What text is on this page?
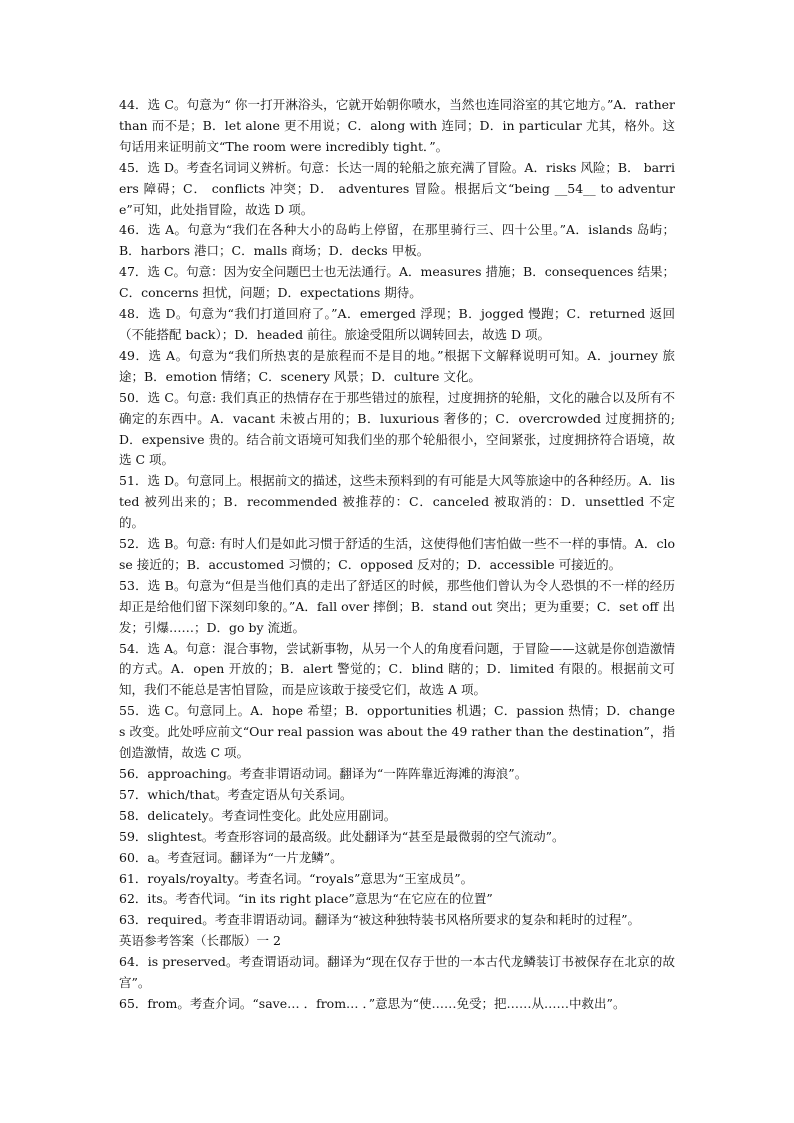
44．选 C。句意为“ 你一打开淋浴头，它就开始朝你喷水，当然也连同浴室的其它地方。”A．rather than 而不是；B．let alone 更不用说；C．along with 连同；D．in particular 尤其，格外。这句话用来证明前文“The room were incredibly tight．”。

45．选 D。考查名词词义辨析。句意：长达一周的轮船之旅充满了冒险。A．risks 风险；B． barriers 障碍；C． conflicts 冲突；D． adventures 冒险。根据后文“being __54__ to adventure”可知，此处指冒险，故选 D 项。

46．选 A。句意为“我们在各种大小的岛屿上停留，在那里骑行三、四十公里。”A．islands 岛屿；B．harbors 港口；C．malls 商场；D．decks 甲板。

47．选 C。句意：因为安全问题巴士也无法通行。A．measures 措施；B．consequences 结果；C．concerns 担忧，问题；D．expectations 期待。

48．选 D。句意为“我们打道回府了。”A．emerged 浮现；B．jogged 慢跑；C．returned 返回（不能搭配 back）；D．headed 前往。旅途受阻所以调转回去，故选 D 项。

49．选 A。句意为“我们所热衷的是旅程而不是目的地。”根据下文解释说明可知。A．journey 旅途；B．emotion 情绪；C．scenery 风景；D．culture 文化。

50．选 C。句意: 我们真正的热情存在于那些错过的旅程，过度拥挤的轮船，文化的融合以及所有不确定的东西中。A．vacant 未被占用的；B．luxurious 奢侈的；C．overcrowded 过度拥挤的; D．expensive 贵的。结合前文语境可知我们坐的那个轮船很小，空间紧张，过度拥挤符合语境，故选 C 项。

51．选 D。句意同上。根据前文的描述，这些未预料到的有可能是大风等旅途中的各种经历。A．listed 被列出来的；B．recommended 被推荐的：C．canceled 被取消的：D．unsettled 不定的。

52．选 B。句意: 有时人们是如此习惯于舒适的生活，这使得他们害怕做一些不一样的事情。A．close 接近的；B．accustomed 习惯的；C．opposed 反对的；D．accessible 可接近的。

53．选 B。句意为“但是当他们真的走出了舒适区的时候，那些他们曾认为令人恐惧的不一样的经历却正是给他们留下深刻印象的。”A．fall over 摔倒；B．stand out 突出；更为重要；C．set off 出发；引爆……；D．go by 流逝。

54．选 A。句意：混合事物，尝试新事物，从另一个人的角度看问题，于冒险——这就是你创造激情的方式。A．open 开放的；B．alert 警觉的；C．blind 瞎的；D．limited 有限的。根据前文可知，我们不能总是害怕冒险，而是应该敢于接受它们，故选 A 项。

55．选 C。句意同上。A．hope 希望；B．opportunities 机遇；C．passion 热情；D．changes 改变。此处呼应前文“Our real passion was about the 49 rather than the destination”，指创造激情，故选 C 项。

56．approaching。考查非谓语动词。翻译为“一阵阵靠近海滩的海浪”。

57．which/that。考查定语从句关系词。

58．delicately。考查词性变化。此处应用副词。

59．slightest。考查形容词的最高级。此处翻译为“甚至是最微弱的空气流动”。

60．a。考查冠词。翻译为“一片龙鳞”。

61．royals/royalty。考查名词。“royals”意思为“王室成员”。

62．its。考杳代词。“in its right place”意思为“在它应在的位置”

63．required。考查非谓语动词。翻译为“被这种独特装书风格所要求的复杂和耗时的过程”。

英语参考答案（长郡版）一 2

64．is preserved。考查谓语动词。翻译为“现在仅存于世的一本古代龙鳞装订书被保存在北京的故宫”。

65．from。考查介词。“save… ．from… ．”意思为“使……免受；把……从……中救出”。
